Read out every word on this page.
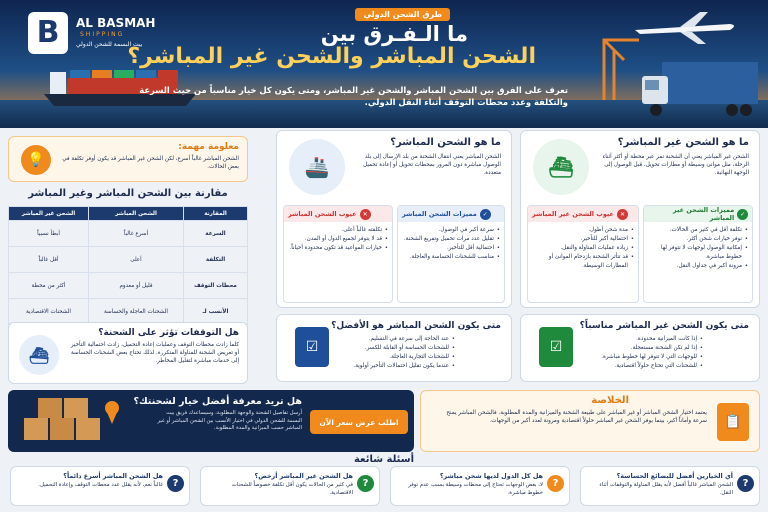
B	AL BASMAH
SHIPPING
بيت البسمة للشحن الدولي
طرق الشحن الدولي
ما الـفـرق بين
الشحن المباشر والشحن غير المباشر؟
تعرف على الفرق بين الشحن المباشر والشحن غير المباشر، ومتى يكون كل خيار مناسباً من حيث السرعة والتكلفة وعدد محطات التوقف أثناء النقل الدولي.
ما هو الشحن غير المباشر؟
الشحن غير المباشر يعني أن الشحنة تمر عبر محطة أو أكثر أثناء الرحلة، مثل موانئ وسيطة أو مطارات تحويل، قبل الوصول إلى الوجهة النهائية.
⛴
✓
مميزات الشحن غير المباشر
• تكلفة أقل في كثير من الحالات.
• توفر خيارات شحن أكثر.
• إمكانية الوصول لوجهات لا تتوفر لها خطوط مباشرة.
• مرونة أكبر في جداول النقل.
✕
عيوب الشحن غير المباشر
• مدة شحن أطول.
• احتمالية أكبر للتأخير.
• زيادة عمليات المناولة والنقل.
• قد تتأثر الشحنة بازدحام الموانئ أو المطارات الوسيطة.
ما هو الشحن المباشر؟
الشحن المباشر يعني انتقال الشحنة من بلد الإرسال إلى بلد الوصول مباشرة دون المرور بمحطات تحويل أو إعادة تحميل متعددة.
🚢
✓
مميزات الشحن المباشر
• سرعة أكبر في الوصول.
• تقليل عدد مرات تحميل وتفريغ الشحنة.
• احتمالية أقل للتأخير.
• مناسب للشحنات الحساسة والعاجلة.
✕
عيوب الشحن المباشر
• تكلفته غالباً أعلى.
• قد لا يتوفر لجميع الدول أو المدن.
• خيارات المواعيد قد تكون محدودة أحياناً.
معلومة مهمة:
الشحن المباشر غالباً أسرع، لكن الشحن غير المباشر قد يكون أوفر تكلفة في بعض الحالات.
💡
مقارنة بين الشحن المباشر وغير المباشر
المقارنة	الشحن المباشر	الشحن غير المباشر
السرعة	أسرع غالباً	أبطأ نسبياً
التكلفة	أعلى	أقل غالباً
محطات التوقف	قليل أو معدوم	أكثر من محطة
الأنسب لـ	الشحنات العاجلة والحساسة	الشحنات الاقتصادية
هل التوقفات تؤثر على الشحنة؟
كلما زادت محطات التوقف وعمليات إعادة التحميل، زادت احتمالية التأخير أو تعريض الشحنة للمناولة المتكررة. لذلك تحتاج بعض الشحنات الحساسة إلى خدمات مباشرة لتقليل المخاطر.
⛴
متى يكون الشحن المباشر هو الأفضل؟
• عند الحاجة إلى سرعة في التسليم.
• للشحنات الحساسة أو القابلة للكسر.
• للشحنات التجارية العاجلة.
• عندما يكون تقليل احتمالات التأخير أولوية.
☑
متى يكون الشحن غير المباشر مناسباً؟
• إذا كانت الميزانية محدودة.
• إذا لم تكن الشحنة مستعجلة.
• للوجهات التي لا تتوفر لها خطوط مباشرة.
• للشحنات التي تحتاج حلولاً اقتصادية.
☑
هل تريد معرفة أفضل خيار لشحنتك؟
أرسل تفاصيل الشحنة والوجهة المطلوبة، وسيساعدك فريق بيت البسمة للشحن الدولي في اختيار الأنسب بين الشحن المباشر أو غير المباشر حسب الميزانية والمدة المطلوبة.
اطلب عرض سعر الآن
الخلاصة
يعتمد اختيار الشحن المباشر أو غير المباشر على طبيعة الشحنة والميزانية والمدة المطلوبة. فالشحن المباشر يمنح سرعة وأماناً أكبر، بينما يوفر الشحن غير المباشر حلولاً اقتصادية ومرونة لعدد أكبر من الوجهات.	📋
أسئلة شائعة
?
أي الخيارين أفضل للبضائع الحساسة؟
الشحن المباشر غالباً أفضل لأنه يقلل المناولة والتوقفات أثناء النقل.
?
هل كل الدول لديها شحن مباشر؟
لا، بعض الوجهات تحتاج إلى محطات وسيطة بسبب عدم توفر خطوط مباشرة.
?
هل الشحن غير المباشر أرخص؟
في كثير من الحالات يكون أقل تكلفة خصوصاً للشحنات الاقتصادية.
?
هل الشحن المباشر أسرع دائماً؟
غالباً نعم، لأنه يقلل عدد محطات التوقف وإعادة التحميل.
